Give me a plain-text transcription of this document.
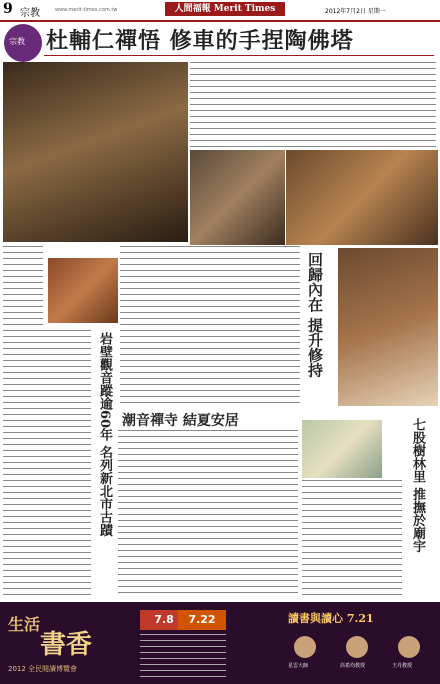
9 宗教	www.merit-times.com.tw	人間福報 Merit Times	2012年7月2日 星期一
宗教 杜輔仁禪悟 修車的手捏陶佛塔
回歸內在 提升修持
潮音禪寺 結夏安居
岩壁觀音蹤逾60年 名列新北市古蹟	七股樹林里 推撫於廟宇
生活
書香
2012 全民閱讀博覽會
7.8	7.22	讀書與讀心 7.21
星雲大師	高希均教授	王丹教授
